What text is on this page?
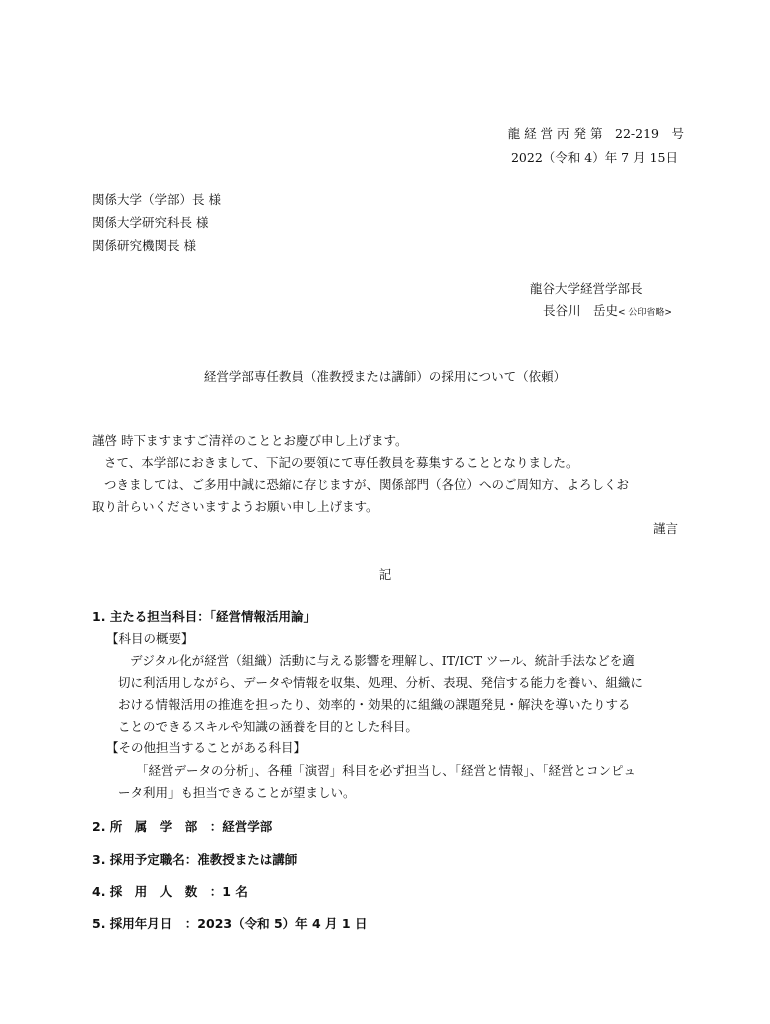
龍 経 営 丙 発 第　22-219　号
2022（令和 4）年 7 月 15日
関係大学（学部）長 様
関係大学研究科長 様
関係研究機関長 様
龍谷大学経営学部長
長谷川　岳史< 公印省略>
経営学部専任教員（准教授または講師）の採用について（依頼）
謹啓 時下ますますご清祥のこととお慶び申し上げます。
さて、本学部におきまして、下記の要領にて専任教員を募集することとなりました。
つきましては、ご多用中誠に恐縮に存じますが、関係部門（各位）へのご周知方、よろしくお
取り計らいくださいますようお願い申し上げます。
謹言
記
1. 主たる担当科目：「経営情報活用論」
【科目の概要】
デジタル化が経営（組織）活動に与える影響を理解し、IT/ICT ツール、統計手法などを適
切に利活用しながら、データや情報を収集、処理、分析、表現、発信する能力を養い、組織に
おける情報活用の推進を担ったり、効率的・効果的に組織の課題発見・解決を導いたりする
ことのできるスキルや知識の涵養を目的とした科目。
【その他担当することがある科目】
「経営データの分析」、各種「演習」科目を必ず担当し、「経営と情報」、「経営とコンピュ
ータ利用」も担当できることが望ましい。
2. 所　属　学　部　：経営学部
3. 採用予定職名：准教授または講師
4. 採　用　人　数　：1 名
5. 採用年月日　：2023（令和 5）年 4 月 1 日
